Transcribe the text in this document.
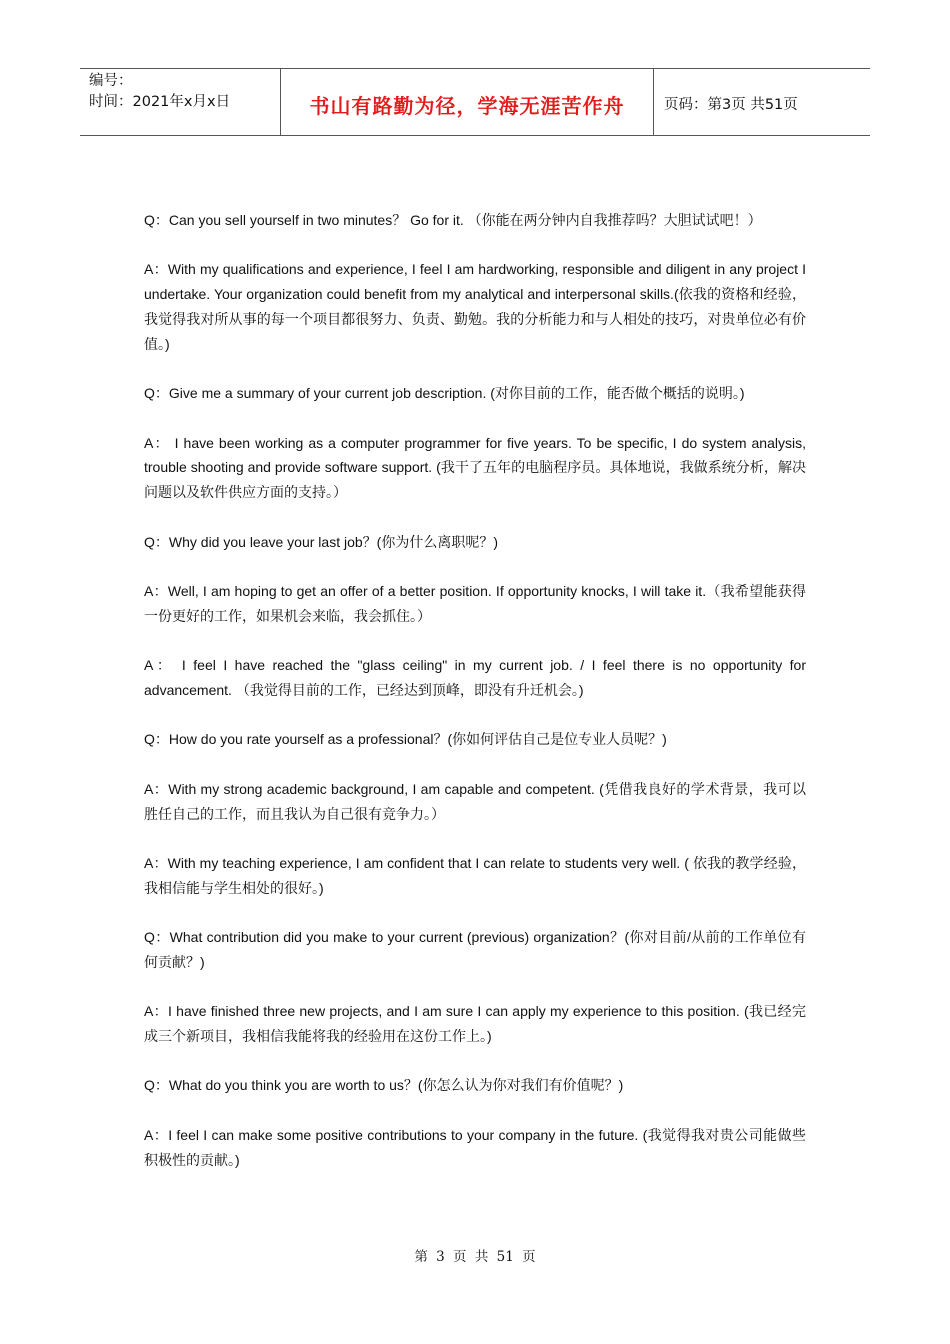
编号：
时间：2021年x月x日	书山有路勤为径，学海无涯苦作舟	页码：第3页 共51页

Q：Can you sell yourself in two minutes？ Go for it. （你能在两分钟内自我推荐吗？大胆试试吧！）

A：With my qualifications and experience, I feel I am hardworking, responsible and diligent in any project I undertake. Your organization could benefit from my analytical and interpersonal skills.(依我的资格和经验，我觉得我对所从事的每一个项目都很努力、负责、勤勉。我的分析能力和与人相处的技巧，对贵单位必有价值。)

Q：Give me a summary of your current job description. (对你目前的工作，能否做个概括的说明。)

A： I have been working as a computer programmer for five years. To be specific, I do system analysis, trouble shooting and provide software support. (我干了五年的电脑程序员。具体地说，我做系统分析，解决问题以及软件供应方面的支持。）

Q：Why did you leave your last job？(你为什么离职呢？)

A：Well, I am hoping to get an offer of a better position. If opportunity knocks, I will take it.（我希望能获得一份更好的工作，如果机会来临，我会抓住。）

A： I feel I have reached the "glass ceiling" in my current job. / I feel there is no opportunity for advancement. （我觉得目前的工作，已经达到顶峰，即没有升迁机会。)

Q：How do you rate yourself as a professional？(你如何评估自己是位专业人员呢？)

A：With my strong academic background, I am capable and competent. (凭借我良好的学术背景，我可以胜任自己的工作，而且我认为自己很有竞争力。）

A：With my teaching experience, I am confident that I can relate to students very well. ( 依我的教学经验，我相信能与学生相处的很好。)

Q：What contribution did you make to your current (previous) organization？(你对目前/从前的工作单位有何贡献？)

A：I have finished three new projects, and I am sure I can apply my experience to this position. (我已经完成三个新项目，我相信我能将我的经验用在这份工作上。)

Q：What do you think you are worth to us？(你怎么认为你对我们有价值呢？)

A：I feel I can make some positive contributions to your company in the future. (我觉得我对贵公司能做些积极性的贡献。)

第 3 页 共 51 页
